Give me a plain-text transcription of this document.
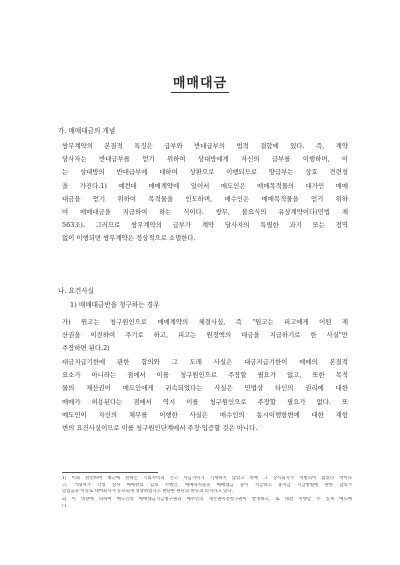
매매대금
가. 매매대금의 개념
쌍무계약의 본질적 특징은 급부와 반대급부의 법적 결합에 있다. 즉, 계약
당사자는 반대급부를 얻기 위하여 상대방에게 자신의 급부를 이행하며, 이
는 상대방의 반대급부에 대하여 상환으로 이행되므로 양급부는 상호 견련성
을 가진다.1) 예컨대 매매계약에 있어서 매도인은 매매목적물의 대가인 매매
대금을 얻기 위하여 목적물을 인도하며, 매수인은 매매목적물을 얻기 위하
여 매매대금을 지급하여 하는 식이다. 쌍무, 불요식의 유상계약이다(민법 제
563조). 그러므로 쌍무계약의 급부가 계약 당사자의 특별한 과기 또는 정역
없이 이행되면 쌍무계약은 정상적으로 소멸한다.
나. 요건사실
1) 매매대금반을 청구하는 경우
가) 원고는 청구원인으로 매매계약의 체결사실, 즉 "원고는 피고에게 어떤 재
산권을 이전하여 주기로 하고, 피고는 원정액의 대금을 지급하기로 한 사실"만
주장하면 된다.2)
대금지급기한에 관한 합의와 그 도래 사실은 대금지급기한이 매매의 본질적
요소가 아니라는 점에서 이를 청구원인으로 주장할 필요가 없고, 또한 목적
물의 재산권이 매도인에게 귀속되었다는 사실은 민법상 타인의 권리에 대한
매매가 허용된다는 점에서 역시 이를 청구원인으로 주장할 필요가 없다. 또
매도인이 자신의 채무를 이행한 사실은 매수인의 동시이행항변에 대한 재항
변의 요건사실이므로 이를 청구원인단계에서 주장·입증할 것은 아니다.
1) 이와 관련하여 최근에 관하는 기회사이의 신고 사금지이가 기재하지 않았고 쪽에 그 상시회사가 차별되어 없었다 박이다
고, 거래처가 각성 상시 매매관의 입보 시행인, 매매목적물을 매매대금 중이 지급하고 중지급 지급방법에 관한 합의가
있었음을 이유로 대여회사가 유포되게 성당하였다고 판단한 판단의 판단과 의지라고 있다.
2) 이 영향에 의하여 매도인의 매매대금지급청구권과 매수인의 재산권이전청구권이 발생하고, 또 대전 이행할 수 있게 매도에
다.
